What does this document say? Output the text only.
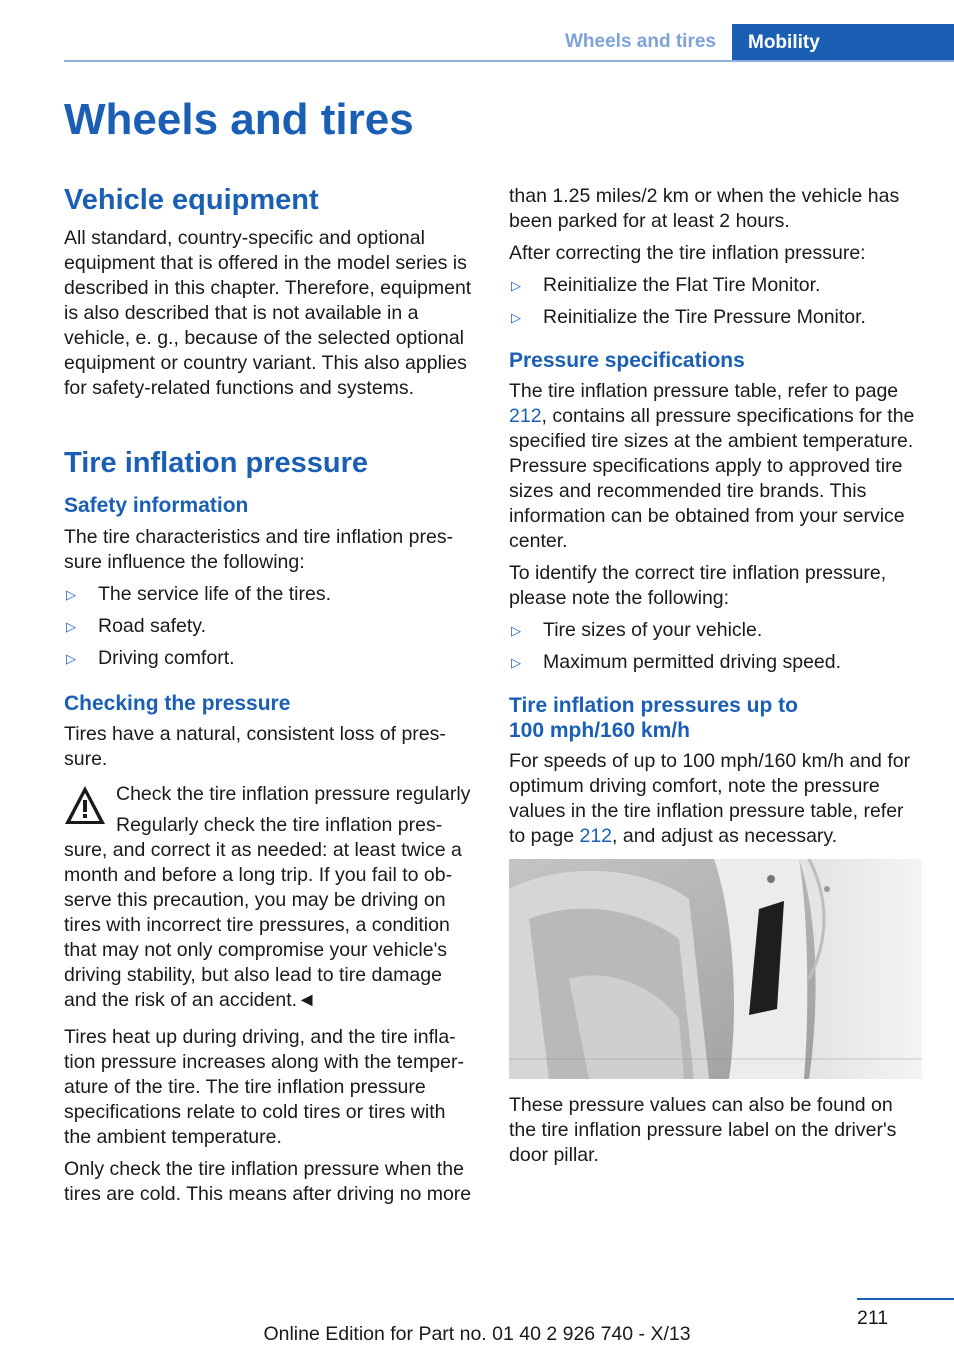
Wheels and tires	Mobility
Wheels and tires
Vehicle equipment

All standard, country-specific and optional equipment that is offered in the model series is described in this chapter. Therefore, equipment is also described that is not available in a vehicle, e. g., because of the selected optional equipment or country variant. This also applies for safety-related functions and systems.

Tire inflation pressure
Safety information

The tire characteristics and tire inflation pressure influence the following:

▷ The service life of the tires.
▷ Road safety.
▷ Driving comfort.
Checking the pressure

Tires have a natural, consistent loss of pressure.

Check the tire inflation pressure regularly

Regularly check the tire inflation pressure, and correct it as needed: at least twice a month and before a long trip. If you fail to observe this precaution, you may be driving on tires with incorrect tire pressures, a condition that may not only compromise your vehicle's driving stability, but also lead to tire damage and the risk of an accident.◄

Tires heat up during driving, and the tire inflation pressure increases along with the temperature of the tire. The tire inflation pressure specifications relate to cold tires or tires with the ambient temperature.

Only check the tire inflation pressure when the tires are cold. This means after driving no more

than 1.25 miles/2 km or when the vehicle has been parked for at least 2 hours.

After correcting the tire inflation pressure:

▷ Reinitialize the Flat Tire Monitor.
▷ Reinitialize the Tire Pressure Monitor.
Pressure specifications

The tire inflation pressure table, refer to page 212, contains all pressure specifications for the specified tire sizes at the ambient temperature. Pressure specifications apply to approved tire sizes and recommended tire brands. This information can be obtained from your service center.

To identify the correct tire inflation pressure, please note the following:

▷ Tire sizes of your vehicle.
▷ Maximum permitted driving speed.
Tire inflation pressures up to
100 mph/160 km/h

For speeds of up to 100 mph/160 km/h and for optimum driving comfort, note the pressure values in the tire inflation pressure table, refer to page 212, and adjust as necessary.

These pressure values can also be found on the tire inflation pressure label on the driver's door pillar.

211
Online Edition for Part no. 01 40 2 926 740 - X/13
